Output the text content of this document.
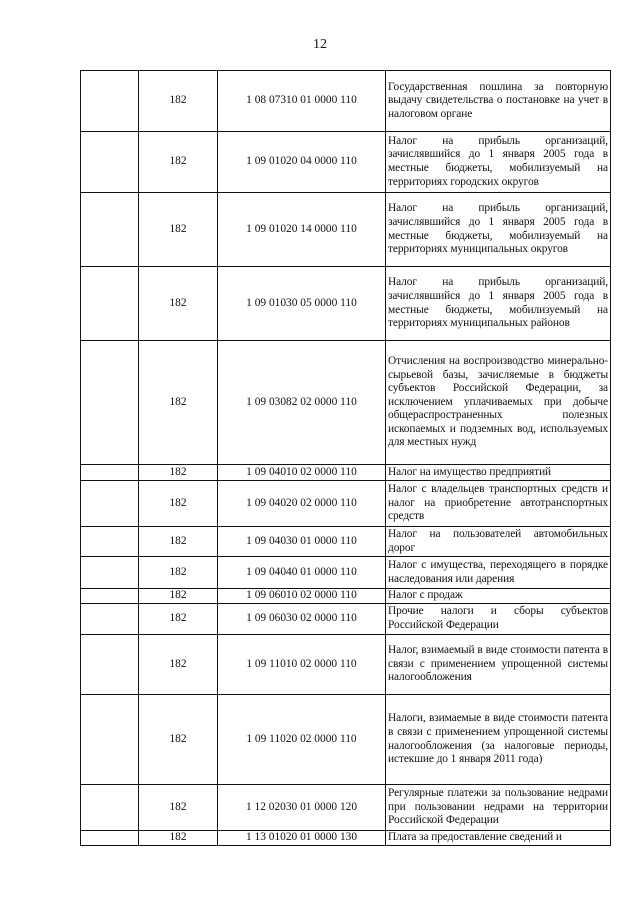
12
	182	1 08 07310 01 0000 110	Государственная пошлина за повторную выдачу свидетельства о постановке на учет в налоговом органе
	182	1 09 01020 04 0000 110	Налог на прибыль организаций, зачислявшийся до 1 января 2005 года в местные бюджеты, мобилизуемый на территориях городских округов
	182	1 09 01020 14 0000 110	Налог на прибыль организаций, зачислявшийся до 1 января 2005 года в местные бюджеты, мобилизуемый на территориях муниципальных округов
	182	1 09 01030 05 0000 110	Налог на прибыль организаций, зачислявшийся до 1 января 2005 года в местные бюджеты, мобилизуемый на территориях муниципальных районов
	182	1 09 03082 02 0000 110	Отчисления на воспроизводство минерально-сырьевой базы, зачисляемые в бюджеты субъектов Российской Федерации, за исключением уплачиваемых при добыче общераспространенных полезных ископаемых и подземных вод, используемых для местных нужд
	182	1 09 04010 02 0000 110	Налог на имущество предприятий
	182	1 09 04020 02 0000 110	Налог с владельцев транспортных средств и налог на приобретение автотранспортных средств
	182	1 09 04030 01 0000 110	Налог на пользователей автомобильных дорог
	182	1 09 04040 01 0000 110	Налог с имущества, переходящего в порядке наследования или дарения
	182	1 09 06010 02 0000 110	Налог с продаж
	182	1 09 06030 02 0000 110	Прочие налоги и сборы субъектов Российской Федерации
	182	1 09 11010 02 0000 110	Налог, взимаемый в виде стоимости патента в связи с применением упрощенной системы налогообложения
	182	1 09 11020 02 0000 110	Налоги, взимаемые в виде стоимости патента в связи с применением упрощенной системы налогообложения (за налоговые периоды, истекшие до 1 января 2011 года)
	182	1 12 02030 01 0000 120	Регулярные платежи за пользование недрами при пользовании недрами на территории Российской Федерации
	182	1 13 01020 01 0000 130	Плата за предоставление сведений и
